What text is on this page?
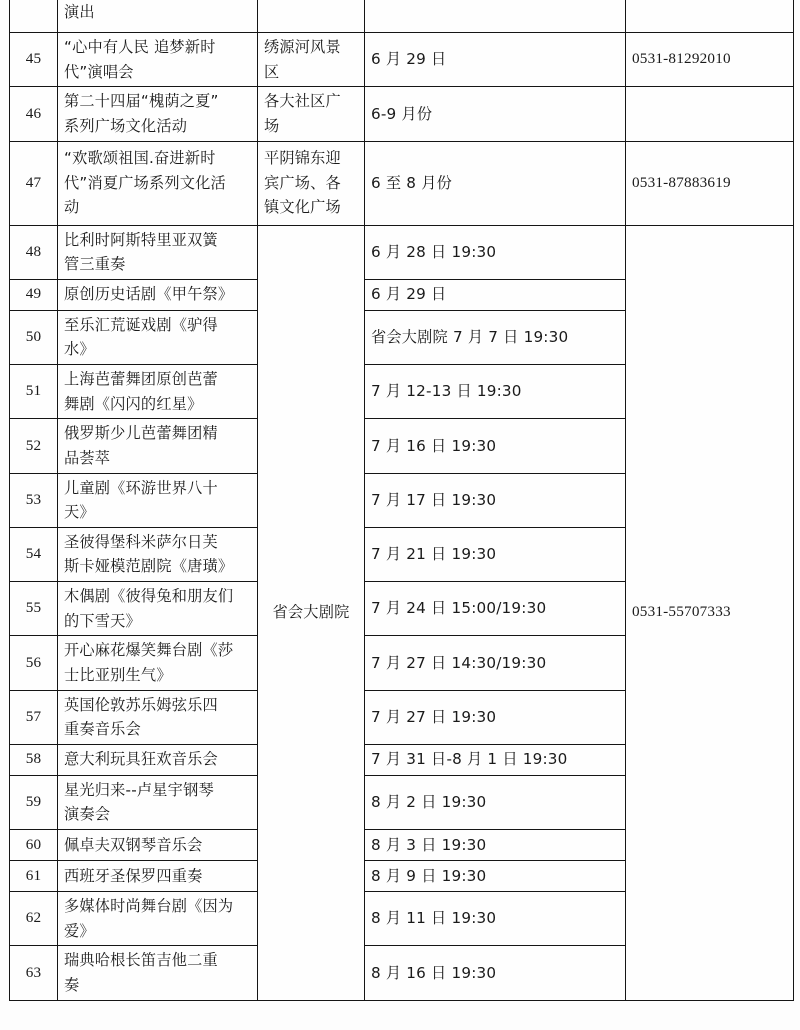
	演出			
45	“心中有人民 追梦新时
代”演唱会	绣源河风景
区	6 月 29 日	0531-81292010
46	第二十四届“槐荫之夏”
系列广场文化活动	各大社区广
场	6-9 月份	
47	“欢歌颂祖国.奋进新时
代”消夏广场系列文化活
动	平阴锦东迎
宾广场、各
镇文化广场	6 至 8 月份	0531-87883619
48	比利时阿斯特里亚双簧
管三重奏	省会大剧院	6 月 28 日 19:30	0531-55707333
49	原创历史话剧《甲午祭》		6 月 29 日	
50	至乐汇荒诞戏剧《驴得
水》		省会大剧院 7 月 7 日 19:30	
51	上海芭蕾舞团原创芭蕾
舞剧《闪闪的红星》		7 月 12-13 日 19:30	
52	俄罗斯少儿芭蕾舞团精
品荟萃		7 月 16 日 19:30	
53	儿童剧《环游世界八十
天》		7 月 17 日 19:30	
54	圣彼得堡科米萨尔日芙
斯卡娅模范剧院《唐璜》		7 月 21 日 19:30	
55	木偶剧《彼得兔和朋友们
的下雪天》		7 月 24 日 15:00/19:30	
56	开心麻花爆笑舞台剧《莎
士比亚别生气》		7 月 27 日 14:30/19:30	
57	英国伦敦苏乐姆弦乐四
重奏音乐会		7 月 27 日 19:30	
58	意大利玩具狂欢音乐会		7 月 31 日-8 月 1 日 19:30	
59	星光归来--卢星宇钢琴
演奏会		8 月 2 日 19:30	
60	佩卓夫双钢琴音乐会		8 月 3 日 19:30	
61	西班牙圣保罗四重奏		8 月 9 日 19:30	
62	多媒体时尚舞台剧《因为
爱》		8 月 11 日 19:30	
63	瑞典哈根长笛吉他二重
奏		8 月 16 日 19:30	
